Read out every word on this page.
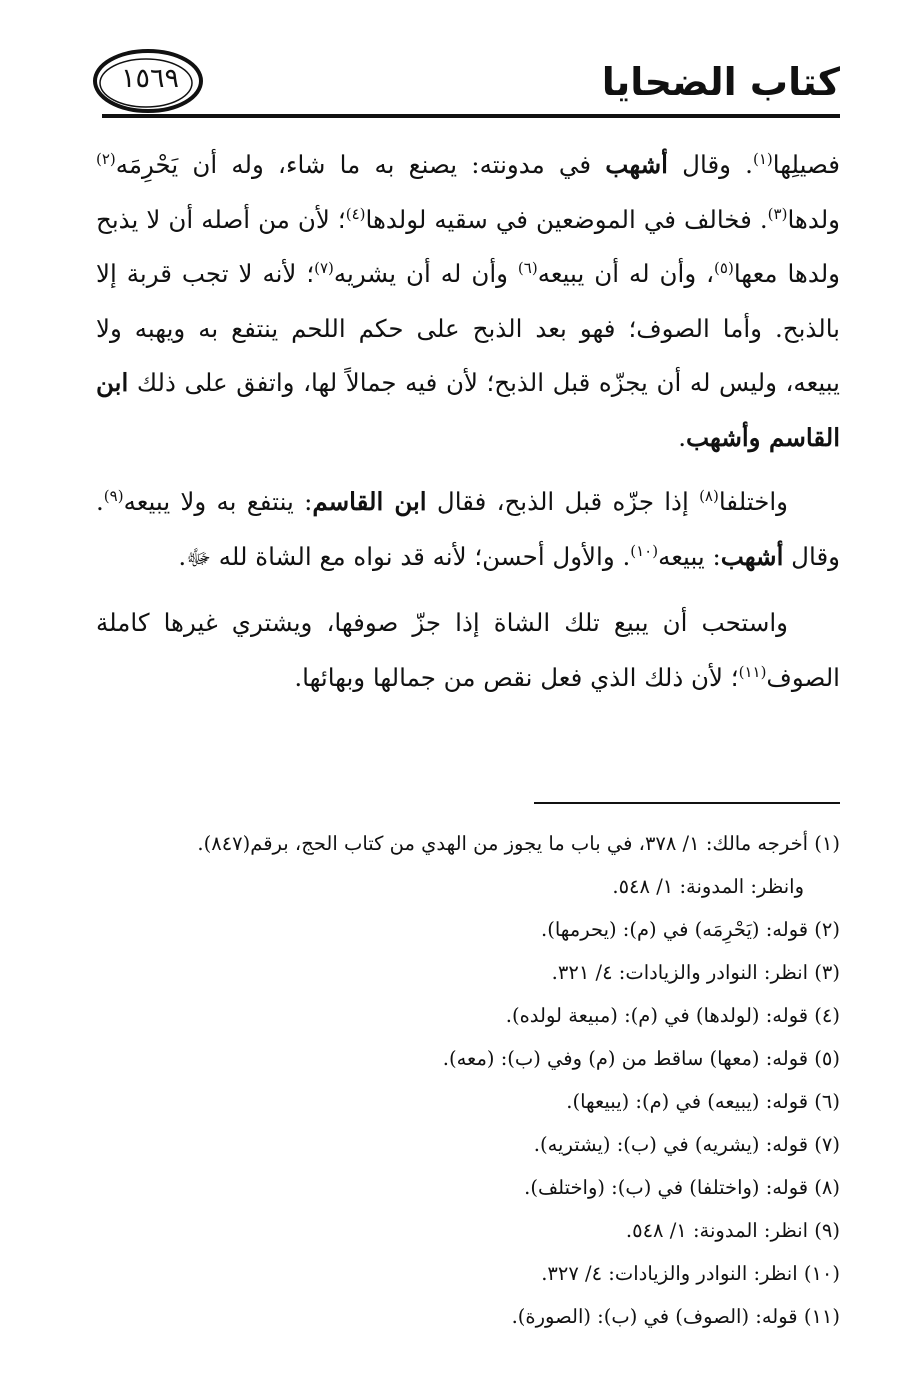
كتاب الضحايا
١٥٦٩

فصيلِها$^{(١)}$. وقال أشهب في مدونته: يصنع به ما شاء، وله أن يَحْرِمَه$^{(٢)}$ ولدها$^{(٣)}$. فخالف في الموضعين في سقيه لولدها$^{(٤)}$؛ لأن من أصله أن لا يذبح ولدها معها$^{(٥)}$، وأن له أن يبيعه$^{(٦)}$ وأن له أن يشريه$^{(٧)}$؛ لأنه لا تجب قربة إلا بالذبح. وأما الصوف؛ فهو بعد الذبح على حكم اللحم ينتفع به ويهبه ولا يبيعه، وليس له أن يجزّه قبل الذبح؛ لأن فيه جمالاً لها، واتفق على ذلك ابن القاسم وأشهب.

واختلفا$^{(٨)}$ إذا جزّه قبل الذبح، فقال ابن القاسم: ينتفع به ولا يبيعه$^{(٩)}$. وقال أشهب: يبيعه$^{(١٠)}$. والأول أحسن؛ لأنه قد نواه مع الشاة لله ﷻ.

واستحب أن يبيع تلك الشاة إذا جزّ صوفها، ويشتري غيرها كاملة الصوف$^{(١١)}$؛ لأن ذلك الذي فعل نقص من جمالها وبهائها.

(١) أخرجه مالك: ١/ ٣٧٨، في باب ما يجوز من الهدي من كتاب الحج، برقم(٨٤٧).

وانظر: المدونة: ١/ ٥٤٨.

(٢) قوله: (يَحْرِمَه) في (م): (يحرمها).

(٣) انظر: النوادر والزيادات: ٤/ ٣٢١.

(٤) قوله: (لولدها) في (م): (مبيعة لولده).

(٥) قوله: (معها) ساقط من (م) وفي (ب): (معه).

(٦) قوله: (يبيعه) في (م): (يبيعها).

(٧) قوله: (يشريه) في (ب): (يشتريه).

(٨) قوله: (واختلفا) في (ب): (واختلف).

(٩) انظر: المدونة: ١/ ٥٤٨.

(١٠) انظر: النوادر والزيادات: ٤/ ٣٢٧.

(١١) قوله: (الصوف) في (ب): (الصورة).
